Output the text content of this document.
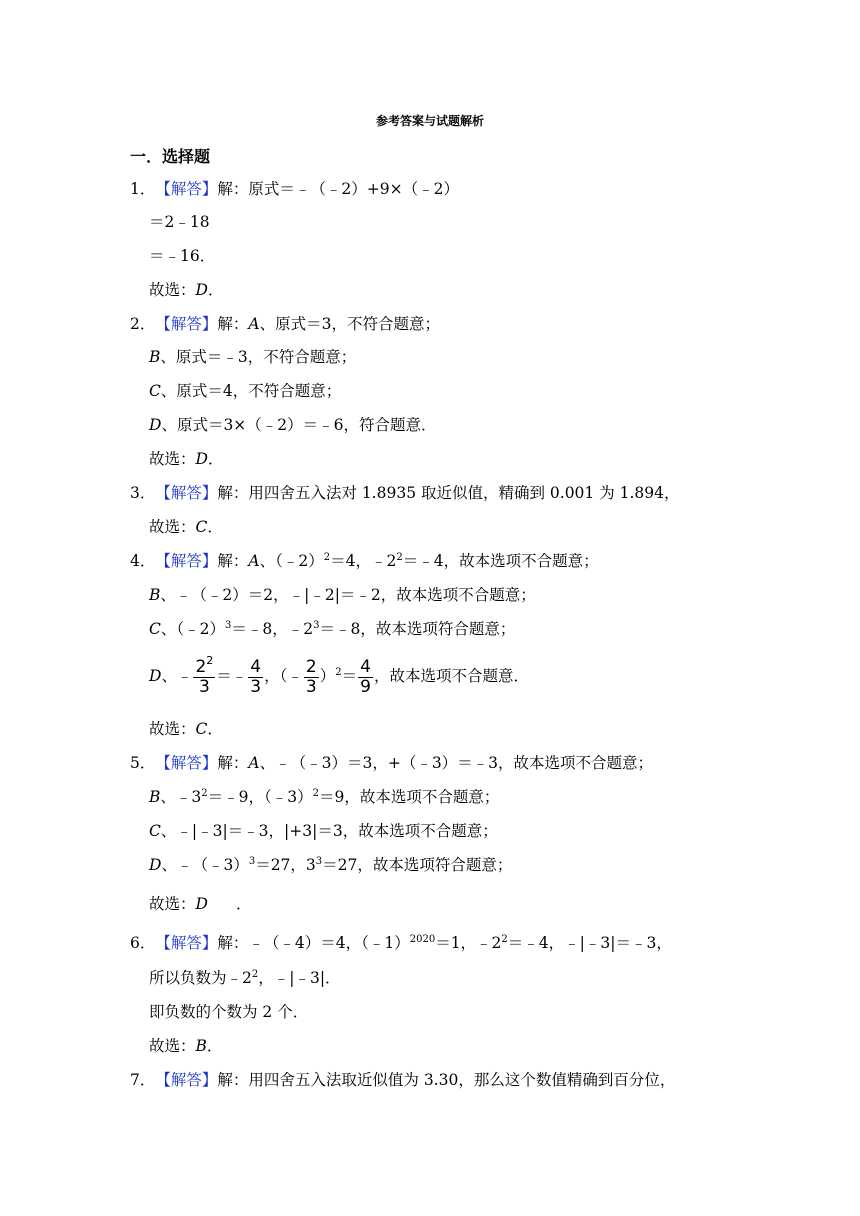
参考答案与试题解析
一．选择题
1．【解答】解：原式＝﹣（﹣2）+9×（﹣2）
＝2﹣18
＝﹣16．
故选：D．
2．【解答】解：A、原式＝3，不符合题意；
B、原式＝﹣3，不符合题意；
C、原式＝4，不符合题意；
D、原式＝3×（﹣2）＝﹣6，符合题意．
故选：D．
3．【解答】解：用四舍五入法对 1.8935 取近似值，精确到 0.001 为 1.894，
故选：C．
4．【解答】解：A、（﹣2）$^2$＝4，$﹣2^2=﹣4$，故本选项不合题意；
B、﹣（﹣2）＝2，﹣|﹣2|＝﹣2，故本选项不合题意；
C、（﹣2）$^3$＝﹣8，$﹣2^3=﹣8$，故本选项符合题意；
D、﹣ $\frac{2^2}{3}$ ＝﹣ $\frac{4}{3}$ ，（﹣ $\frac{2}{3} )^2= \frac{4}{9}$ ，故本选项不合题意．
故选：C．
5．【解答】解：A、﹣（﹣3）＝3，+（﹣3）＝﹣3，故本选项不合题意；
B、$﹣3^2=﹣9$，（﹣3）$^2$＝9，故本选项不合题意；
C、﹣|﹣3|＝﹣3，|+3|＝3，故本选项不合题意；
D、﹣（﹣3）$^3$＝27，$3^3=27$，故本选项符合题意；
故选：D ．
6．【解答】解：﹣（﹣4）＝4，（﹣1）$^{2020}$＝1，$﹣2^2=﹣4$，﹣|﹣3|＝﹣3，
所以负数为$﹣2^2$，﹣|﹣3|．
即负数的个数为 2 个．
故选：B．
7．【解答】解：用四舍五入法取近似值为 3.30，那么这个数值精确到百分位，
